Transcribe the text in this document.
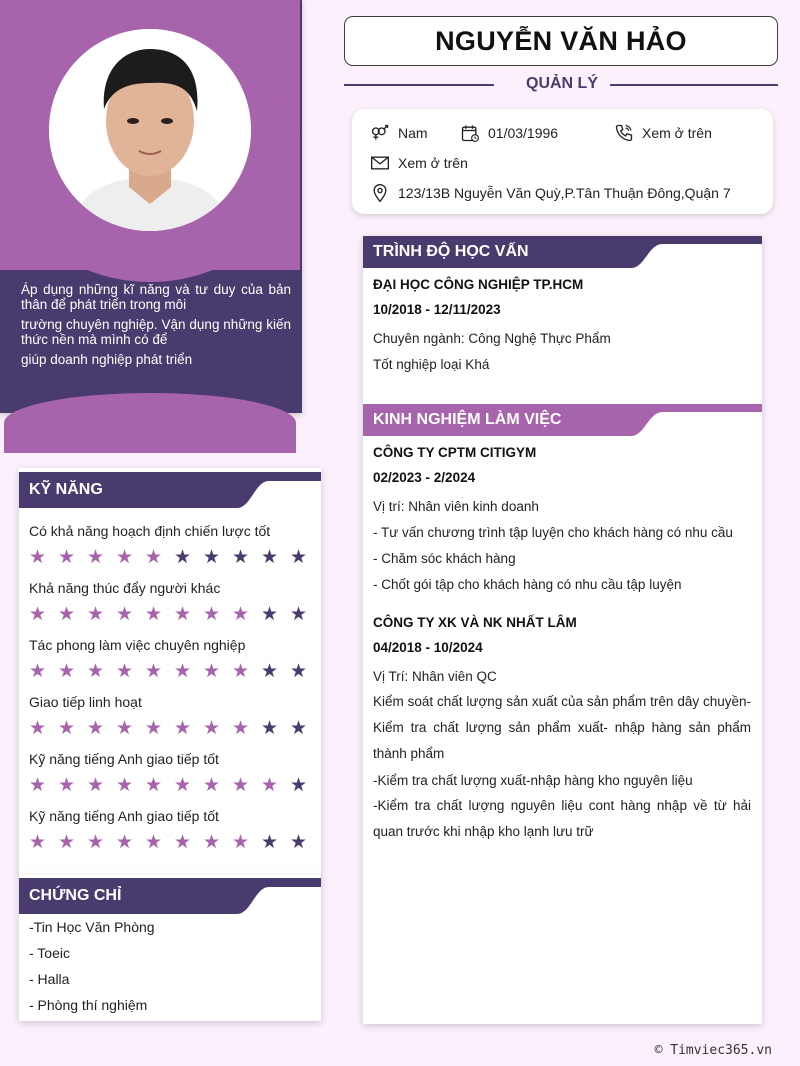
Áp dụng những kĩ năng và tư duy của bản thân để phát triển trong môi

trường chuyên nghiệp. Vận dụng những kiến thức nền mà mình có để

giúp doanh nghiệp phát triển

NGUYỄN VĂN HẢO
QUẢN LÝ
Nam	01/03/1996	Xem ở trên
Xem ở trên
123/13B Nguyễn Văn Quỳ,P.Tân Thuận Đông,Quận 7
KỸ NĂNG
Có khả năng hoạch định chiến lược tốt
★ ★ ★ ★ ★ ★ ★ ★ ★ ★
Khả năng thúc đẩy người khác
★ ★ ★ ★ ★ ★ ★ ★ ★ ★
Tác phong làm việc chuyên nghiệp
★ ★ ★ ★ ★ ★ ★ ★ ★ ★
Giao tiếp linh hoạt
★ ★ ★ ★ ★ ★ ★ ★ ★ ★
Kỹ năng tiếng Anh giao tiếp tốt
★ ★ ★ ★ ★ ★ ★ ★ ★ ★
Kỹ năng tiếng Anh giao tiếp tốt
★ ★ ★ ★ ★ ★ ★ ★ ★ ★
CHỨNG CHỈ
-Tin Học Văn Phòng
- Toeic
- Halla
- Phòng thí nghiệm
TRÌNH ĐỘ HỌC VẤN
ĐẠI HỌC CÔNG NGHIỆP TP.HCM
10/2018 - 12/11/2023
Chuyên ngành: Công Nghệ Thực Phẩm
Tốt nghiệp loại Khá
KINH NGHIỆM LÀM VIỆC
CÔNG TY CPTM CITIGYM
02/2023 - 2/2024
Vị trí: Nhân viên kinh doanh
- Tư vấn chương trình tập luyện cho khách hàng có nhu cầu
- Chăm sóc khách hàng
- Chốt gói tập cho khách hàng có nhu cầu tập luyện
CÔNG TY XK VÀ NK NHẤT LÂM
04/2018 - 10/2024
Vị Trí: Nhân viên QC
Kiểm soát chất lượng sản xuất của sản phẩm trên dây chuyền-Kiểm tra chất lượng sản phẩm xuất- nhập hàng sản phẩm thành phẩm
-Kiểm tra chất lượng xuất-nhập hàng kho nguyên liệu
-Kiểm tra chất lượng nguyên liệu cont hàng nhập về từ hải quan trước khi nhập kho lạnh lưu trữ
© Timviec365.vn
